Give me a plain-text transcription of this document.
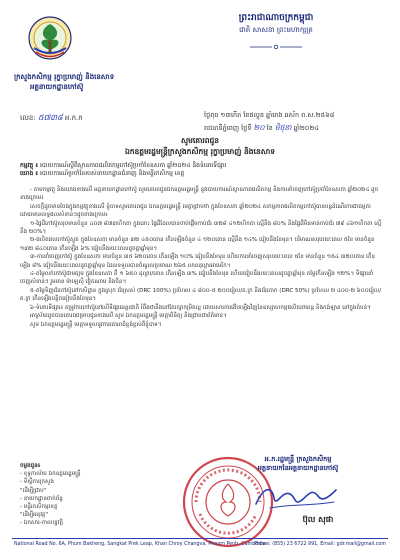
ព្រះរាជាណាចក្រកម្ពុជា
ជាតិ សាសនា ព្រះមហាក្សត្រ
ក្រសួងកសិកម្ម រុក្ខាប្រមាញ់ និងនេសាទ
អគ្គនាយកដ្ឋានកៅស៊ូ
លេខ: ៥៧៣៨ អ.ក.ក	ថ្ងៃពុធ ១៣កើត ខែផល្គុន ឆ្នាំរោង ឆស័ក ព.ស.២៥៦៨
រាជធានីភ្នំពេញ ថ្ងៃទី ២០ ខែ មិថុនា ឆ្នាំ២០២៤
សូមគោរពជូន
ឯកឧត្តមរដ្ឋមន្ត្រីក្រសួងកសិកម្ម រុក្ខាប្រមាញ់ និងនេសាទ
កម្មវត្ថុ ៖ របាយការណ៍ស្តីពីស្ថានភាពផលិតកម្មកៅស៊ូប្រចាំខែឧសភា ឆ្នាំ២០២៤ និងទំនោរទីផ្សារ
យោង ៖ របាយការណ៍ប្រចាំខែរបស់នាយកដ្ឋានជំនាញ និងមន្ទីរកសិកម្ម ខេត្ត

- តាមកម្មវត្ថុ និងយោងខាងលើ អគ្គនាយកដ្ឋានកៅស៊ូ សូមគោរពជូនឯកឧត្តមរដ្ឋមន្ត្រី នូវរបាយការណ៍ស្ថានភាពផលិតកម្ម និងការនាំចេញកៅស៊ូប្រចាំខែឧសភា ឆ្នាំ២០២៤ ដូចខាងក្រោម៖

សេចក្តីដូចមានចែងក្នុងកម្មវត្ថុខាងលើ ខ្ញុំបាទសូមគោរពជូន ឯកឧត្តមរដ្ឋមន្ត្រី មេត្តាជ្រាបថា ក្នុងខែឧសភា ឆ្នាំ២០២៤ សកម្មភាពផលិតកម្មកៅស៊ូបានបន្តដំណើរការជាធម្មតា ដោយមានលទ្ធផលសំខាន់ៗដូចខាងក្រោម៖

១-ផ្ទៃដីកៅស៊ូសរុបមានចំនួន ៤០៧ ៨៧៣ហិកតា ក្នុងនោះ ផ្ទៃដីដែលបានចាប់ផ្តើមកាប់ជ័រ ៣២៨ ៤១២ហិកតា ស្មើនឹង ៨០% និងផ្ទៃដីមិនទាន់កាប់ជ័រ ៧៩ ៤៦១ហិកតា ស្មើនឹង ២០%។

២-ផលិតផលកៅស៊ូស្ងួត ក្នុងខែឧសភា មានចំនួន ៣២ ៤៥០តោន កើនឡើងចំនួន ៤ ១២០តោន ស្មើនឹង ១៤% ធៀបនឹងខែមុន។ បរិមាណសរុបរយៈពេល ៥ខែ មានចំនួន ១៣២ ៨៤០តោន កើនឡើង ៦% ធៀបនឹងរយៈពេលដូចគ្នាឆ្នាំមុន។

៣-ការនាំចេញកៅស៊ូ ក្នុងខែឧសភា មានចំនួន ៣៥ ៦២០តោន កើនឡើង ១០% ធៀបនឹងខែមុន ហើយការនាំចេញសរុបរយៈពេល ៥ខែ មានចំនួន ១៥៤ ៣២០តោន កើនឡើង ៨% ធៀបនឹងរយៈពេលដូចគ្នាឆ្នាំមុន ដែលទទួលបានចំណូលប្រមាណ ២៦៥ លានដុល្លារអាមេរិក។

៤-តម្លៃលក់កៅស៊ូជាមធ្យម ក្នុងខែឧសភា គឺ ១ ៦៥០ ដុល្លារ/តោន កើនឡើង ៣% ធៀបនឹងខែមុន ហើយធៀបនឹងរយៈពេលដូចគ្នាឆ្នាំមុន តម្លៃកើនឡើង ១២%។ ទីផ្សារនាំចេញសំខាន់ៗ រួមមាន ម៉ាឡេស៊ី វៀតណាម និងចិន។

៥-តម្លៃទិញជ័រកៅស៊ូនៅកសិដ្ឋាន ក្នុងស្រុក ជ័រស្រស់ (DRC 100%) ប្រហែល ៤ ៨០០-៥ ២០០រៀល/គ.ក្រ និងជ័រកោក (DRC 50%) ប្រហែល ២ ៤០០-២ ៦០០រៀល/គ.ក្រ កើនឡើងបន្តិចធៀបនឹងខែមុន។

៦-ទំនោរទីផ្សារ៖ តម្រូវការកៅស៊ូនៅលើទីផ្សារអន្តរជាតិ រំពឹងថានឹងនៅតែរក្សាកម្រិតល្អ ដោយសារការងើបឡើងវិញនៃឧស្សាហកម្មផលិតរថយន្ត និងកង់ឡាន នៅក្នុងតំបន់។

អាស្រ័យដូចបានគោរពជម្រាបជូនខាងលើ សូម ឯកឧត្តមរដ្ឋមន្ត្រី មេត្តាពិនិត្យ និងជ្រាបជាព័ត៌មាន។

សូម ឯកឧត្តមរដ្ឋមន្ត្រី មេត្តាទទួលនូវការគោរពដ៏ខ្ពង់ខ្ពស់ពីខ្ញុំបាទ។

ចម្លងជូន៖
- ខុទ្ទកាល័យ ឯកឧត្តមរដ្ឋមន្ត្រី
- ទីស្តីការក្រសួង
"ដើម្បីជ្រាប"
- នាយកដ្ឋានពាក់ព័ន្ធ
- មន្ទីរកសិកម្មខេត្ត
"ដើម្បីអនុវត្ត"
- ឯកសារ-កាលប្បវត្តិ
អ.ក.រដ្ឋមន្ត្រី ក្រសួងកសិកម្ម
អគ្គនាយកនៃអគ្គនាយកដ្ឋានកៅស៊ូ
ប៊ុល សុផា
National Road No. 6A, Phum Bakheng, Sangkat Prek Leap, Khan Chroy Changva, Phnom Penh, Cambodia
Phone: (855) 23 6722 991, Email: gdr.mail@gmail.com
